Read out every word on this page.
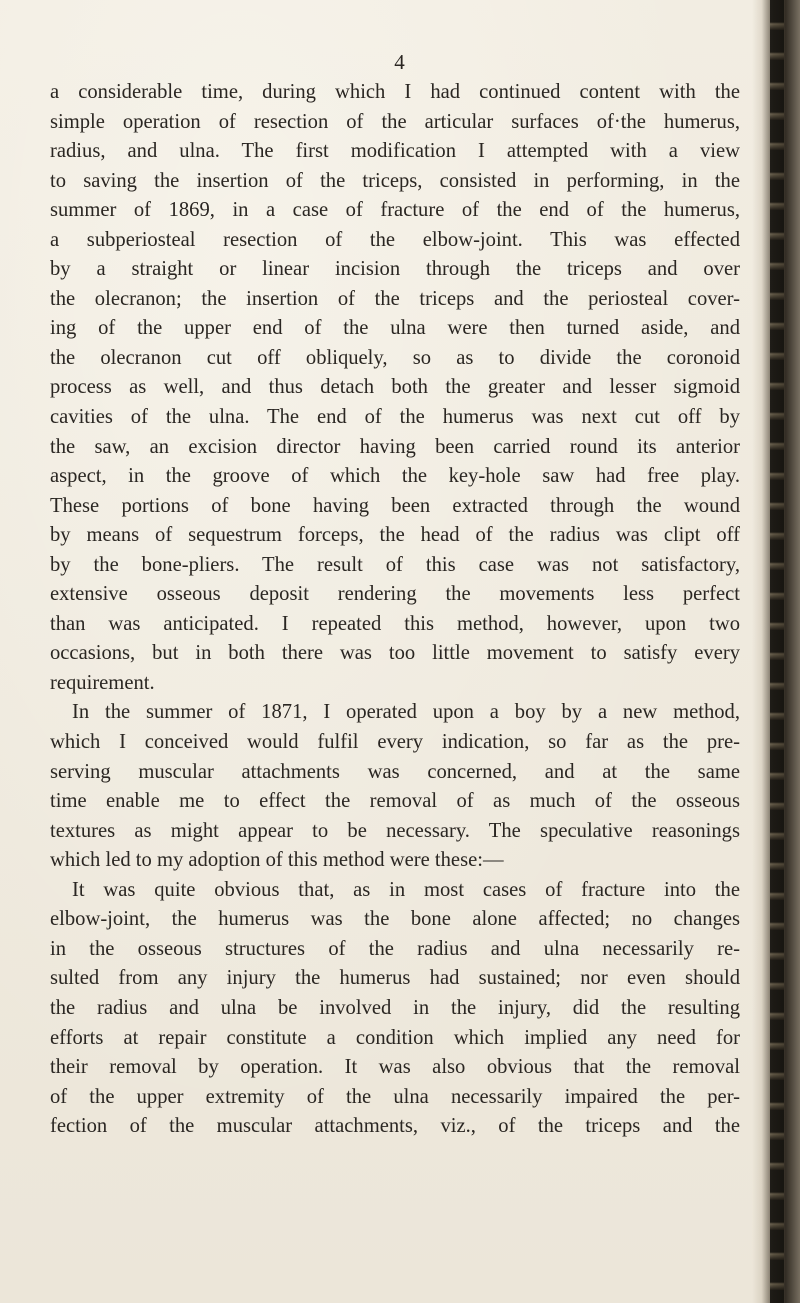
4
a considerable time, during which I had continued content with the
simple operation of resection of the articular surfaces of·the humerus,
radius, and ulna. The first modification I attempted with a view
to saving the insertion of the triceps, consisted in performing, in the
summer of 1869, in a case of fracture of the end of the humerus,
a subperiosteal resection of the elbow-joint. This was effected
by a straight or linear incision through the triceps and over
the olecranon; the insertion of the triceps and the periosteal cover-
ing of the upper end of the ulna were then turned aside, and
the olecranon cut off obliquely, so as to divide the coronoid
process as well, and thus detach both the greater and lesser sigmoid
cavities of the ulna. The end of the humerus was next cut off by
the saw, an excision director having been carried round its anterior
aspect, in the groove of which the key-hole saw had free play.
These portions of bone having been extracted through the wound
by means of sequestrum forceps, the head of the radius was clipt off
by the bone-pliers. The result of this case was not satisfactory,
extensive osseous deposit rendering the movements less perfect
than was anticipated. I repeated this method, however, upon two
occasions, but in both there was too little movement to satisfy every
requirement.
In the summer of 1871, I operated upon a boy by a new method,
which I conceived would fulfil every indication, so far as the pre-
serving muscular attachments was concerned, and at the same
time enable me to effect the removal of as much of the osseous
textures as might appear to be necessary. The speculative reasonings
which led to my adoption of this method were these:—
It was quite obvious that, as in most cases of fracture into the
elbow-joint, the humerus was the bone alone affected; no changes
in the osseous structures of the radius and ulna necessarily re-
sulted from any injury the humerus had sustained; nor even should
the radius and ulna be involved in the injury, did the resulting
efforts at repair constitute a condition which implied any need for
their removal by operation. It was also obvious that the removal
of the upper extremity of the ulna necessarily impaired the per-
fection of the muscular attachments, viz., of the triceps and the
